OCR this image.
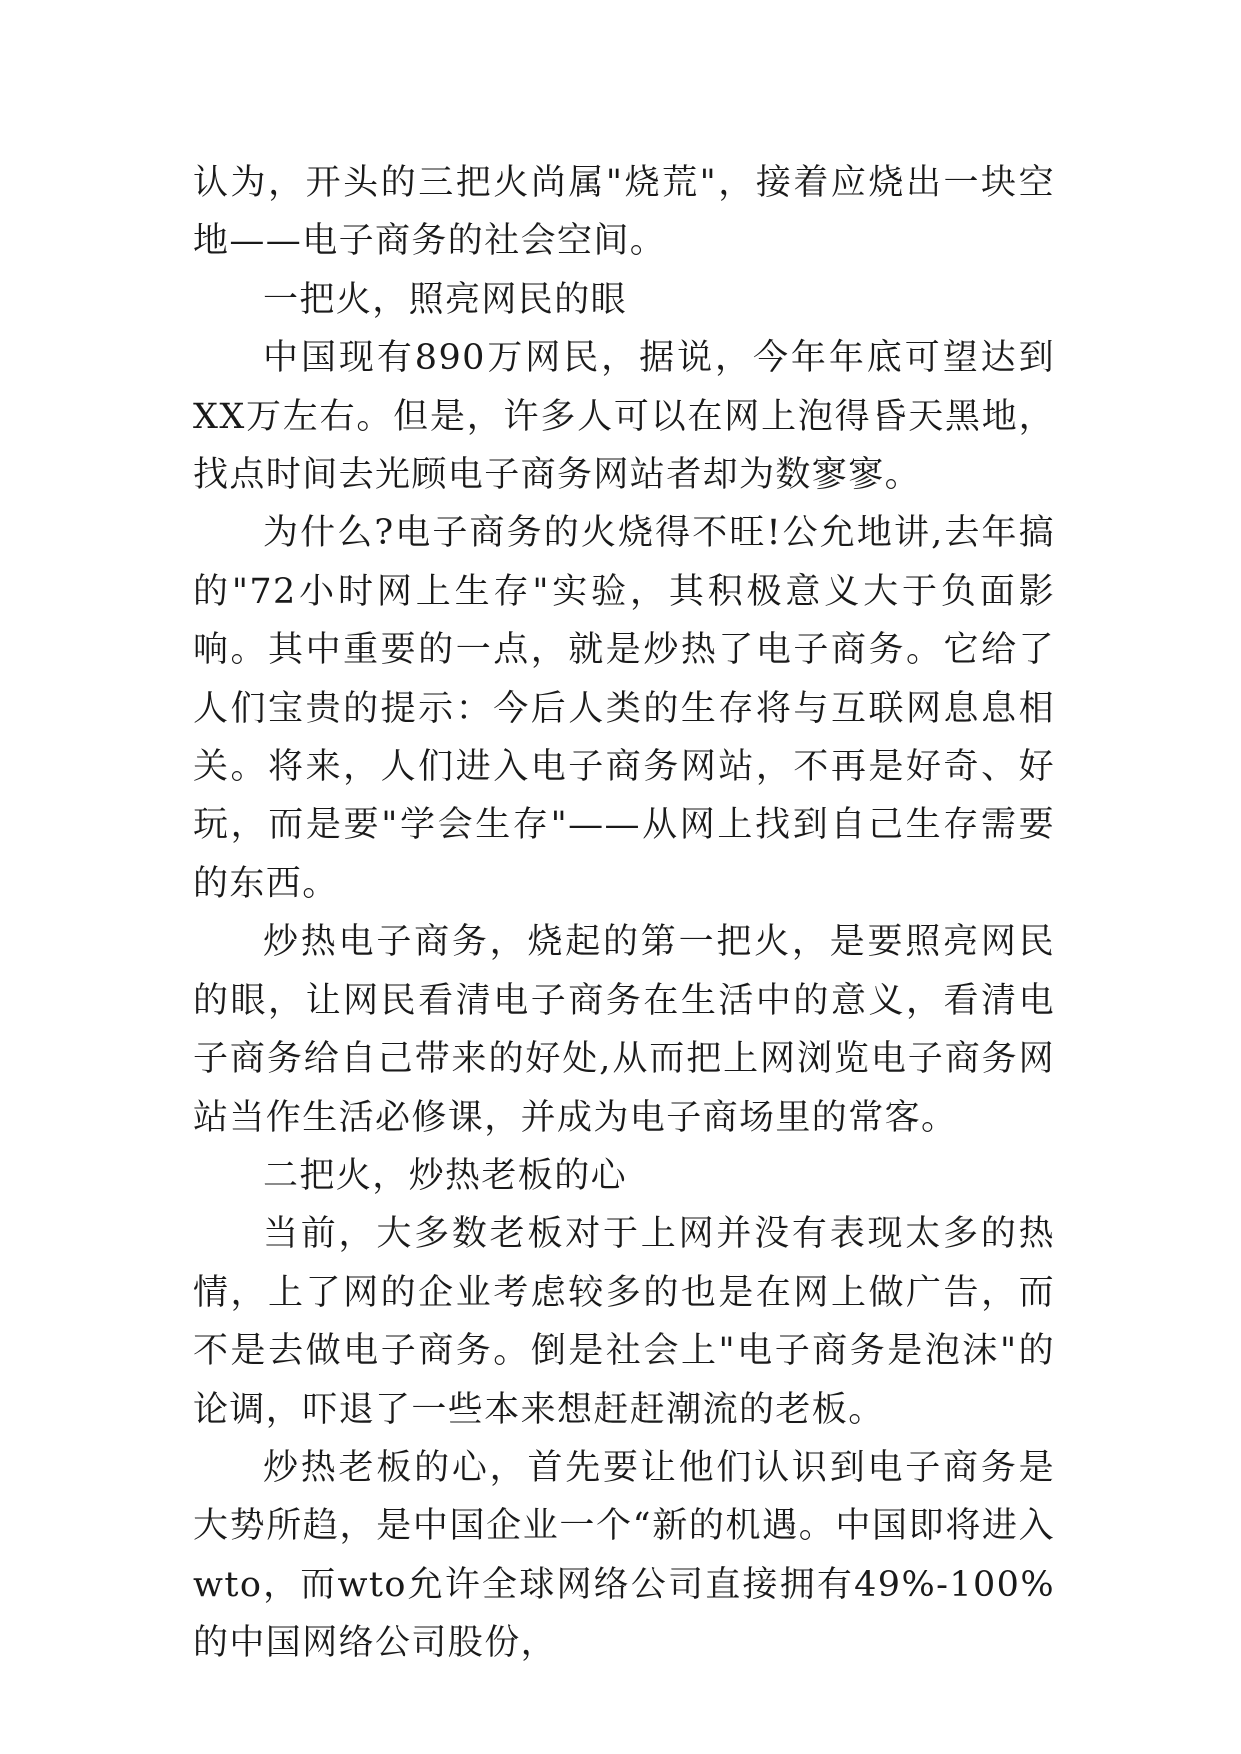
认为，开头的三把火尚属"烧荒"，接着应烧出一块空地——电子商务的社会空间。

一把火，照亮网民的眼

中国现有890万网民，据说，今年年底可望达到XX万左右。但是，许多人可以在网上泡得昏天黑地，找点时间去光顾电子商务网站者却为数寥寥。

为什么?电子商务的火烧得不旺!公允地讲,去年搞的"72小时网上生存"实验，其积极意义大于负面影响。其中重要的一点，就是炒热了电子商务。它给了人们宝贵的提示：今后人类的生存将与互联网息息相关。将来，人们进入电子商务网站，不再是好奇、好玩，而是要"学会生存"——从网上找到自己生存需要的东西。

炒热电子商务，烧起的第一把火，是要照亮网民的眼，让网民看清电子商务在生活中的意义，看清电子商务给自己带来的好处,从而把上网浏览电子商务网站当作生活必修课，并成为电子商场里的常客。

二把火，炒热老板的心

当前，大多数老板对于上网并没有表现太多的热情，上了网的企业考虑较多的也是在网上做广告，而不是去做电子商务。倒是社会上"电子商务是泡沫"的论调，吓退了一些本来想赶赶潮流的老板。

炒热老板的心，首先要让他们认识到电子商务是大势所趋，是中国企业一个“新的机遇。中国即将进入wto，而wto允许全球网络公司直接拥有49%-100%的中国网络公司股份，
